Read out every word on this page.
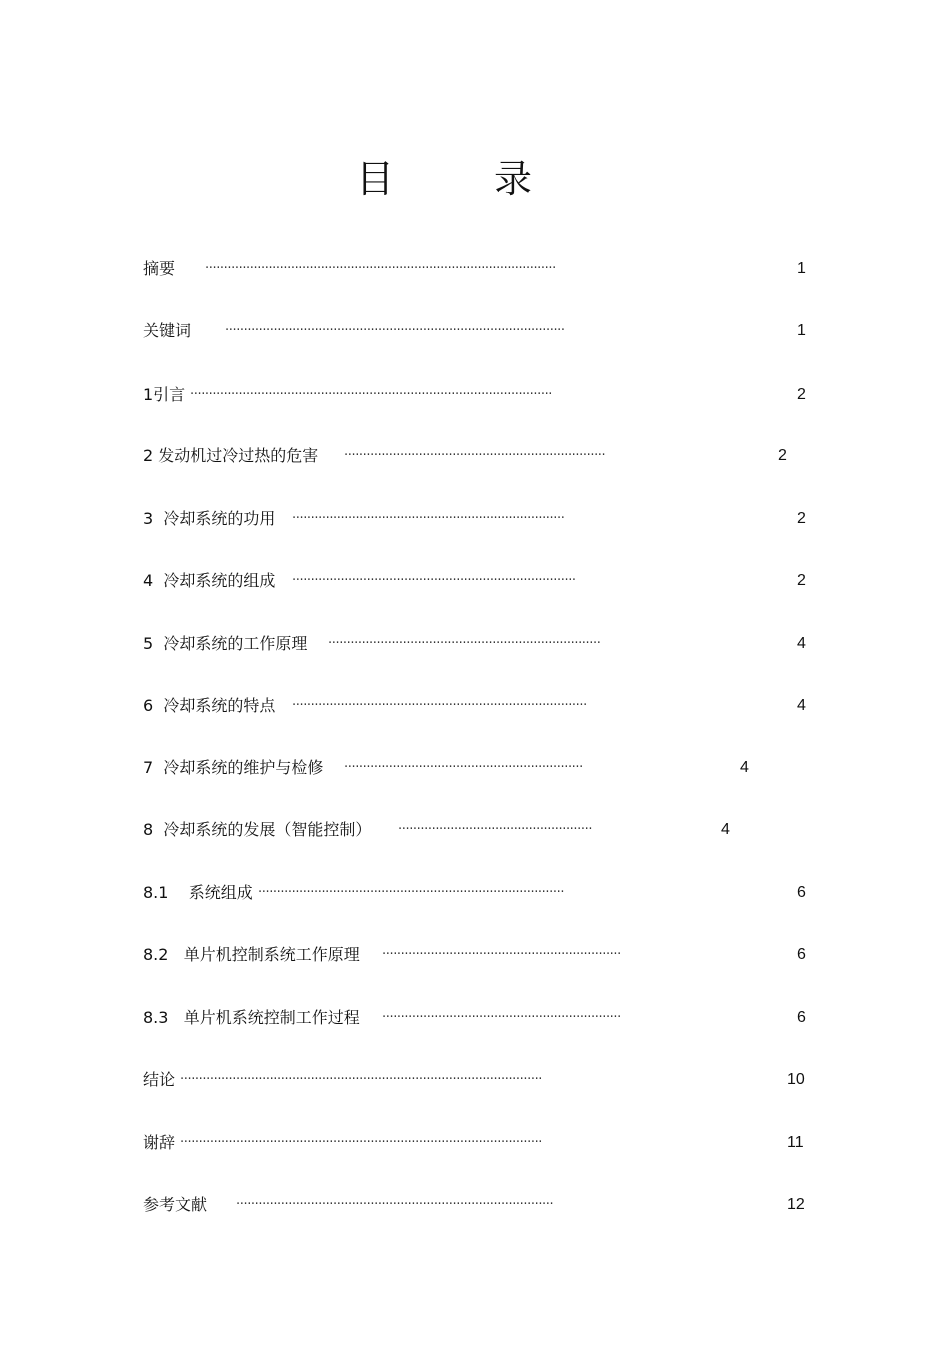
目 录
摘要 ······························································································	1
关键词	···························································································	1
1引言 ·································································································	2
2 发动机过冷过热的危害 ······································································	2
3  冷却系统的功用 ·········································································	2
4  冷却系统的组成 ············································································	2
5  冷却系统的工作原理 ·········································································	4
6  冷却系统的特点 ···············································································	4
7  冷却系统的维护与检修 ································································	4
8  冷却系统的发展（智能控制） ····················································	4
8.1    系统组成 ··················································································	6
8.2   单片机控制系统工作原理 ································································	6
8.3   单片机系统控制工作过程 ································································	6
结论 ·································································································	10
谢辞 ·································································································	11
参考文献 ·····················································································	12
